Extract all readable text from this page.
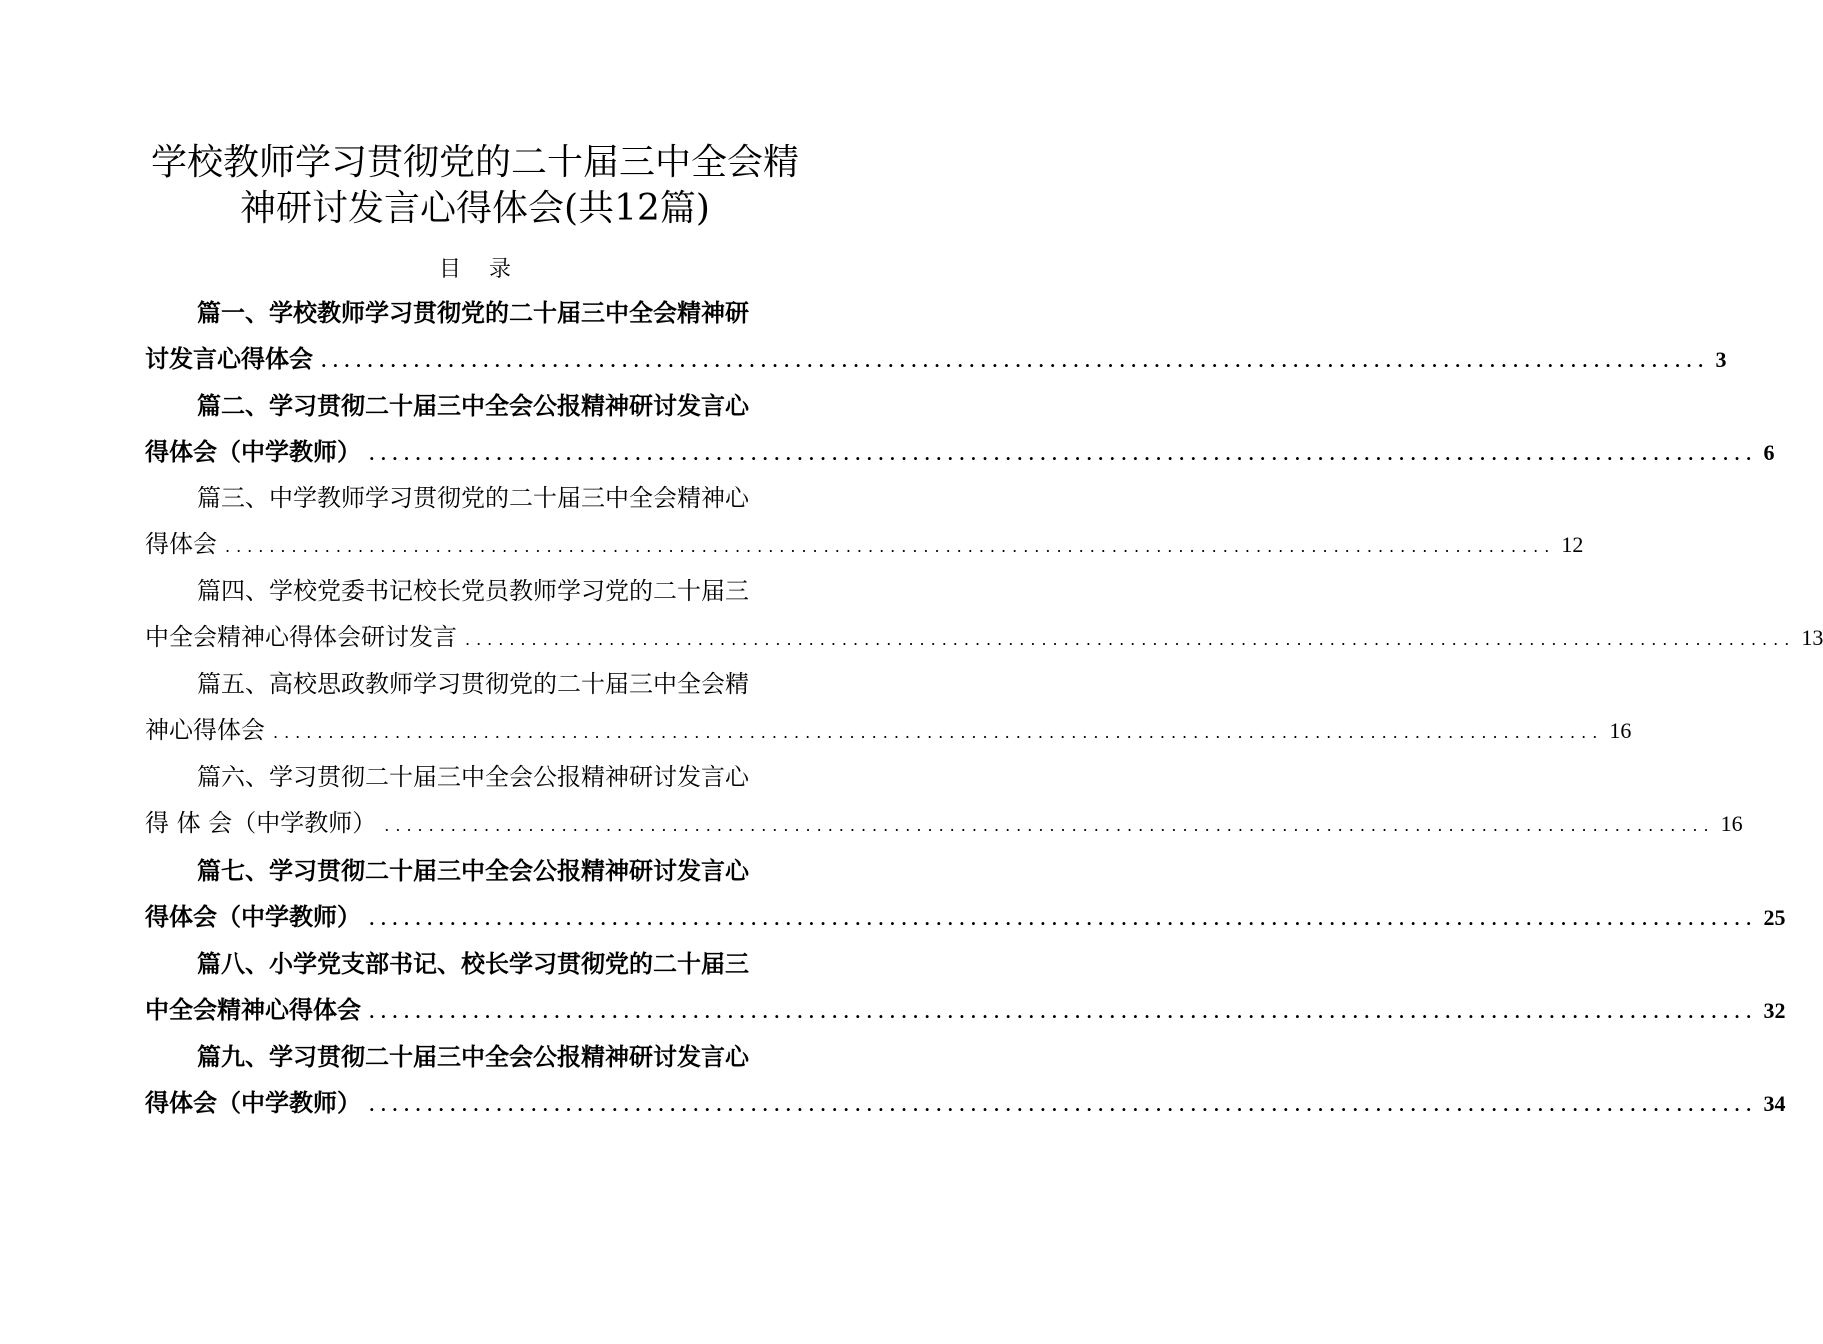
学校教师学习贯彻党的二十届三中全会精
神研讨发言心得体会(共12篇)
目录
篇一、学校教师学习贯彻党的二十届三中全会精神研
讨发言心得体会 ........................................................................................................................ 3
篇二、学习贯彻二十届三中全会公报精神研讨发言心
得体会（中学教师） ........................................................................................................................ 6
篇三、中学教师学习贯彻党的二十届三中全会精神心
得体会 ........................................................................................................................ 12
篇四、学校党委书记校长党员教师学习党的二十届三
中全会精神心得体会研讨发言 ........................................................................................................................ 13
篇五、高校思政教师学习贯彻党的二十届三中全会精
神心得体会 ........................................................................................................................ 16
篇六、学习贯彻二十届三中全会公报精神研讨发言心
得 体 会（中学教师） ........................................................................................................................ 16
篇七、学习贯彻二十届三中全会公报精神研讨发言心
得体会（中学教师） ........................................................................................................................ 25
篇八、小学党支部书记、校长学习贯彻党的二十届三
中全会精神心得体会 ........................................................................................................................ 32
篇九、学习贯彻二十届三中全会公报精神研讨发言心
得体会（中学教师） ........................................................................................................................ 34
